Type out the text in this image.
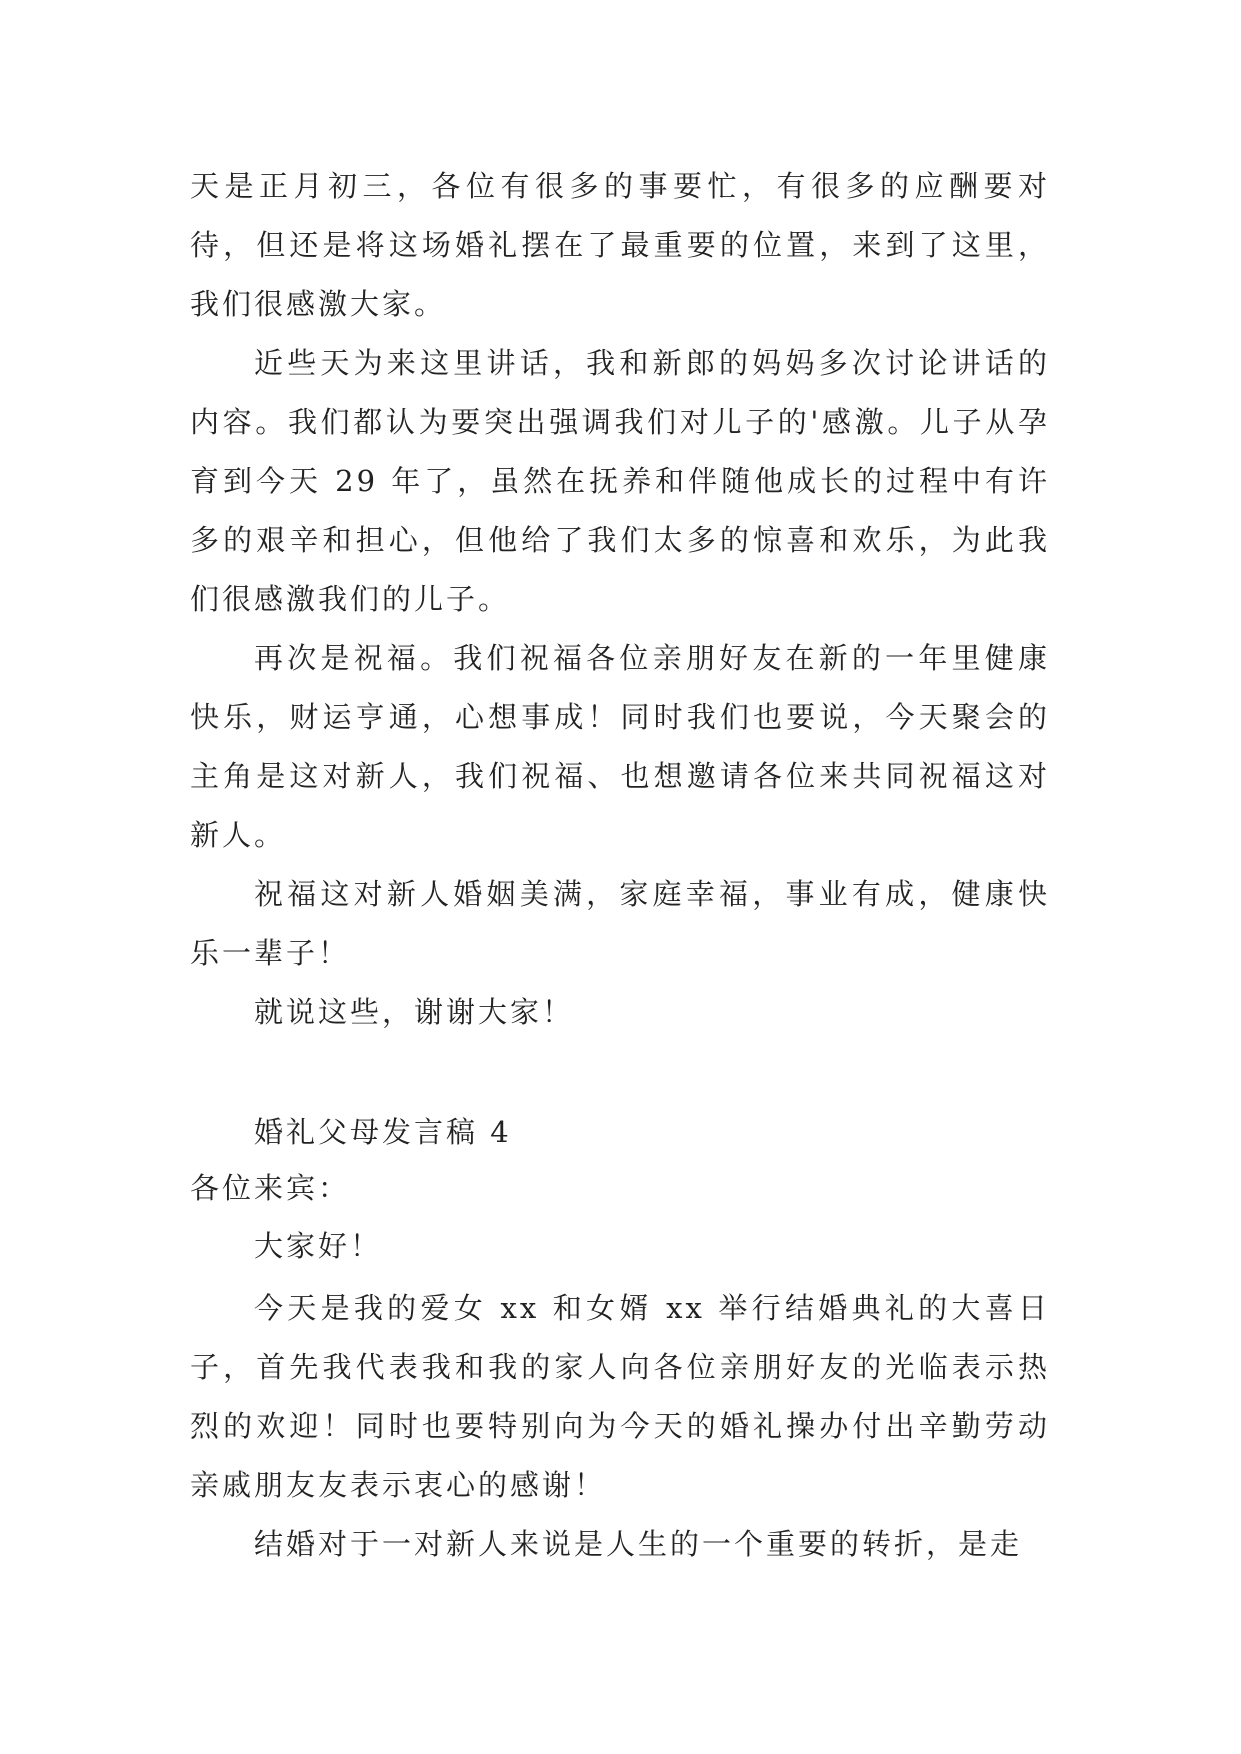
天是正月初三，各位有很多的事要忙，有很多的应酬要对待，但还是将这场婚礼摆在了最重要的位置，来到了这里，我们很感激大家。

近些天为来这里讲话，我和新郎的妈妈多次讨论讲话的内容。我们都认为要突出强调我们对儿子的'感激。儿子从孕育到今天 29 年了，虽然在抚养和伴随他成长的过程中有许多的艰辛和担心，但他给了我们太多的惊喜和欢乐，为此我们很感激我们的儿子。

再次是祝福。我们祝福各位亲朋好友在新的一年里健康快乐，财运亨通，心想事成！同时我们也要说，今天聚会的主角是这对新人，我们祝福、也想邀请各位来共同祝福这对新人。

祝福这对新人婚姻美满，家庭幸福，事业有成，健康快乐一辈子！

就说这些，谢谢大家！

婚礼父母发言稿 4

各位来宾：

大家好！

今天是我的爱女 xx 和女婿 xx 举行结婚典礼的大喜日子，首先我代表我和我的家人向各位亲朋好友的光临表示热烈的欢迎！同时也要特别向为今天的婚礼操办付出辛勤劳动亲戚朋友友表示衷心的感谢！

结婚对于一对新人来说是人生的一个重要的转折，是走
